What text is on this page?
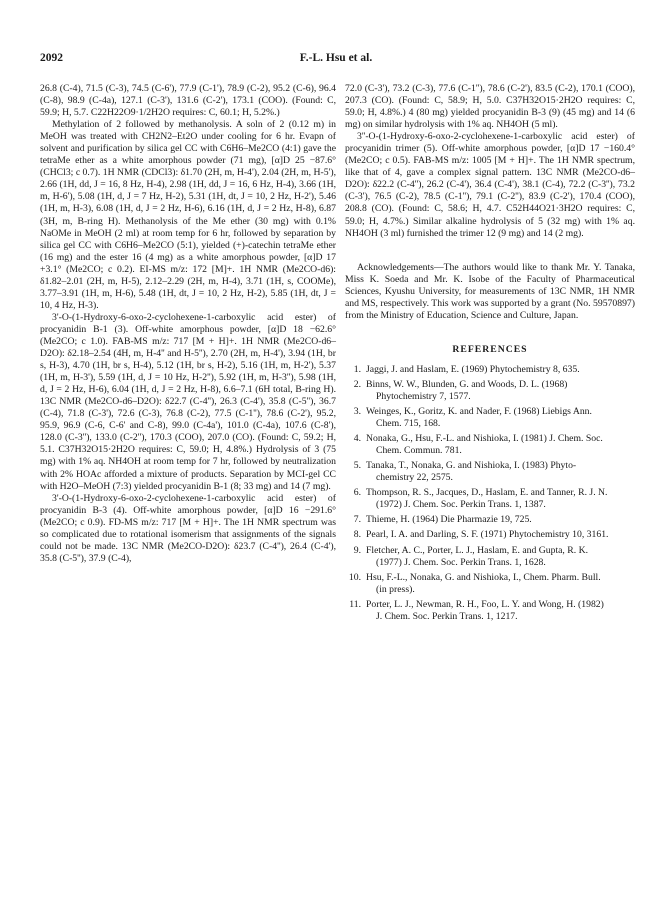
F.-L. Hsu et al.
2092

26.8 (C-4), 71.5 (C-3), 74.5 (C-6'), 77.9 (C-1'), 78.9 (C-2), 95.2 (C-6), 96.4 (C-8), 98.9 (C-4a), 127.1 (C-3'), 131.6 (C-2'), 173.1 (COO). (Found: C, 59.9; H, 5.7. C22H22O9·1/2H2O requires: C, 60.1; H, 5.2%.)

Methylation of 2 followed by methanolysis. A soln of 2 (0.12 m) in MeOH was treated with CH2N2–Et2O under cooling for 6 hr. Evapn of solvent and purification by silica gel CC with C6H6–Me2CO (4:1) gave the tetraMe ether as a white amorphous powder (71 mg), [α]D 25 −87.6° (CHCl3; c 0.7). 1H NMR (CDCl3): δ1.70 (2H, m, H-4'), 2.04 (2H, m, H-5'), 2.66 (1H, dd, J = 16, 8 Hz, H-4), 2.98 (1H, dd, J = 16, 6 Hz, H-4), 3.66 (1H, m, H-6'), 5.08 (1H, d, J = 7 Hz, H-2), 5.31 (1H, dt, J = 10, 2 Hz, H-2'), 5.46 (1H, m, H-3), 6.08 (1H, d, J = 2 Hz, H-6), 6.16 (1H, d, J = 2 Hz, H-8), 6.87 (3H, m, B-ring H). Methanolysis of the Me ether (30 mg) with 0.1% NaOMe in MeOH (2 ml) at room temp for 6 hr, followed by separation by silica gel CC with C6H6–Me2CO (5:1), yielded (+)-catechin tetraMe ether (16 mg) and the ester 16 (4 mg) as a white amorphous powder, [α]D 17 +3.1° (Me2CO; c 0.2). EI-MS m/z: 172 [M]+. 1H NMR (Me2CO-d6): δ1.82–2.01 (2H, m, H-5), 2.12–2.29 (2H, m, H-4), 3.71 (1H, s, COOMe), 3.77–3.91 (1H, m, H-6), 5.48 (1H, dt, J = 10, 2 Hz, H-2), 5.85 (1H, dt, J = 10, 4 Hz, H-3).

3'-O-(1-Hydroxy-6-oxo-2-cyclohexene-1-carboxylic acid ester) of procyanidin B-1 (3). Off-white amorphous powder, [α]D 18 −62.6° (Me2CO; c 1.0). FAB-MS m/z: 717 [M + H]+. 1H NMR (Me2CO-d6–D2O): δ2.18–2.54 (4H, m, H-4'' and H-5''), 2.70 (2H, m, H-4'), 3.94 (1H, br s, H-3), 4.70 (1H, br s, H-4), 5.12 (1H, br s, H-2), 5.16 (1H, m, H-2'), 5.37 (1H, m, H-3'), 5.59 (1H, d, J = 10 Hz, H-2''), 5.92 (1H, m, H-3''), 5.98 (1H, d, J = 2 Hz, H-6), 6.04 (1H, d, J = 2 Hz, H-8), 6.6–7.1 (6H total, B-ring H). 13C NMR (Me2CO-d6–D2O): δ22.7 (C-4''), 26.3 (C-4'), 35.8 (C-5''), 36.7 (C-4), 71.8 (C-3'), 72.6 (C-3), 76.8 (C-2), 77.5 (C-1''), 78.6 (C-2'), 95.2, 95.9, 96.9 (C-6, C-6' and C-8), 99.0 (C-4a'), 101.0 (C-4a), 107.6 (C-8'), 128.0 (C-3''), 133.0 (C-2''), 170.3 (COO), 207.0 (CO). (Found: C, 59.2; H, 5.1. C37H32O15·2H2O requires: C, 59.0; H, 4.8%.) Hydrolysis of 3 (75 mg) with 1% aq. NH4OH at room temp for 7 hr, followed by neutralization with 2% HOAc afforded a mixture of products. Separation by MCI-gel CC with H2O–MeOH (7:3) yielded procyanidin B-1 (8; 33 mg) and 14 (7 mg).

3'-O-(1-Hydroxy-6-oxo-2-cyclohexene-1-carboxylic acid ester) of procyanidin B-3 (4). Off-white amorphous powder, [α]D 16 −291.6° (Me2CO; c 0.9). FD-MS m/z: 717 [M + H]+. The 1H NMR spectrum was so complicated due to rotational isomerism that assignments of the signals could not be made. 13C NMR (Me2CO-D2O): δ23.7 (C-4''), 26.4 (C-4'), 35.8 (C-5''), 37.9 (C-4),

72.0 (C-3'), 73.2 (C-3), 77.6 (C-1''), 78.6 (C-2'), 83.5 (C-2), 170.1 (COO), 207.3 (CO). (Found: C, 58.9; H, 5.0. C37H32O15·2H2O requires: C, 59.0; H, 4.8%.) 4 (80 mg) yielded procyanidin B-3 (9) (45 mg) and 14 (6 mg) on similar hydrolysis with 1% aq. NH4OH (5 ml).

3''-O-(1-Hydroxy-6-oxo-2-cyclohexene-1-carboxylic acid ester) of procyanidin trimer (5). Off-white amorphous powder, [α]D 17 −160.4° (Me2CO; c 0.5). FAB-MS m/z: 1005 [M + H]+. The 1H NMR spectrum, like that of 4, gave a complex signal pattern. 13C NMR (Me2CO-d6–D2O): δ22.2 (C-4''), 26.2 (C-4'), 36.4 (C-4'), 38.1 (C-4), 72.2 (C-3''), 73.2 (C-3'), 76.5 (C-2), 78.5 (C-1''), 79.1 (C-2''), 83.9 (C-2'), 170.4 (COO), 208.8 (CO). (Found: C, 58.6; H, 4.7. C52H44O21·3H2O requires: C, 59.0; H, 4.7%.) Similar alkaline hydrolysis of 5 (32 mg) with 1% aq. NH4OH (3 ml) furnished the trimer 12 (9 mg) and 14 (2 mg).

Acknowledgements—The authors would like to thank Mr. Y. Tanaka, Miss K. Soeda and Mr. K. Isobe of the Faculty of Pharmaceutical Sciences, Kyushu University, for measurements of 13C NMR, 1H NMR and MS, respectively. This work was supported by a grant (No. 59570897) from the Ministry of Education, Science and Culture, Japan.

REFERENCES
1. Jaggi, J. and Haslam, E. (1969) Phytochemistry 8, 635.
2. Binns, W. W., Blunden, G. and Woods, D. L. (1968)
Phytochemistry 7, 1577.
3. Weinges, K., Goritz, K. and Nader, F. (1968) Liebigs Ann.
Chem. 715, 168.
4. Nonaka, G., Hsu, F.-L. and Nishioka, I. (1981) J. Chem. Soc.
Chem. Commun. 781.
5. Tanaka, T., Nonaka, G. and Nishioka, I. (1983) Phyto-
chemistry 22, 2575.
6. Thompson, R. S., Jacques, D., Haslam, E. and Tanner, R. J. N.
(1972) J. Chem. Soc. Perkin Trans. 1, 1387.
7. Thieme, H. (1964) Die Pharmazie 19, 725.
8. Pearl, I. A. and Darling, S. F. (1971) Phytochemistry 10, 3161.
9. Fletcher, A. C., Porter, L. J., Haslam, E. and Gupta, R. K.
(1977) J. Chem. Soc. Perkin Trans. 1, 1628.
10. Hsu, F.-L., Nonaka, G. and Nishioka, I., Chem. Pharm. Bull.
(in press).
11. Porter, L. J., Newman, R. H., Foo, L. Y. and Wong, H. (1982)
J. Chem. Soc. Perkin Trans. 1, 1217.
